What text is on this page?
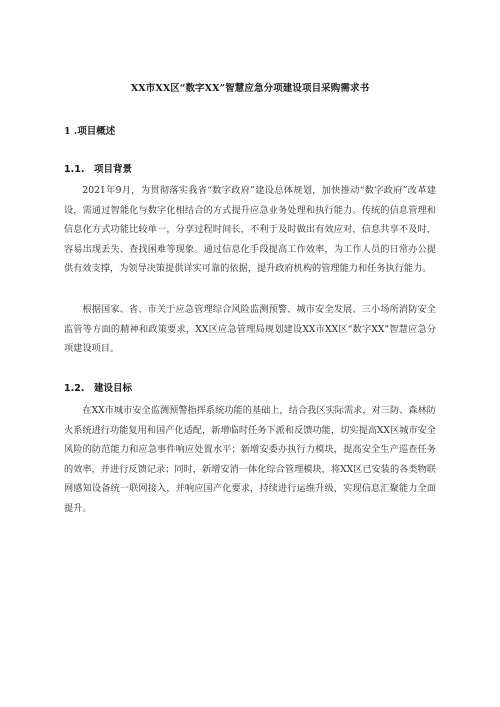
XX市XX区“数字XX”智慧应急分项建设项目采购需求书
1 .项目概述
1.1. 项目背景

2021年9月，为贯彻落实我省“数字政府”建设总体规划，加快推动“数字政府”改革建设，需通过智能化与数字化相结合的方式提升应急业务处理和执行能力。传统的信息管理和信息化方式功能比较单一，分享过程时间长，不利于及时做出有效应对，信息共享不及时，容易出现丢失、查找困难等现象。通过信息化手段提高工作效率，为工作人员的日常办公提供有效支撑，为领导决策提供详实可靠的依据，提升政府机构的管理能力和任务执行能力。

根据国家、省、市关于应急管理综合风险监测预警、城市安全发展、三小场所消防安全监管等方面的精神和政策要求，XX区应急管理局规划建设XX市XX区“数字XX”智慧应急分项建设项目。

1.2. 建设目标

在XX市城市安全监测预警指挥系统功能的基础上，结合我区实际需求，对三防、森林防火系统进行功能复用和国产化适配，新增临时任务下派和反馈功能，切实提高XX区城市安全风险的防范能力和应急事件响应处置水平；新增安委办执行力模块，提高安全生产巡查任务的效率，并进行反馈记录；同时，新增安消一体化综合管理模块，将XX区已安装的各类物联网感知设备统一联网接入，并响应国产化要求，持续进行运维升级，实现信息汇聚能力全面提升。
